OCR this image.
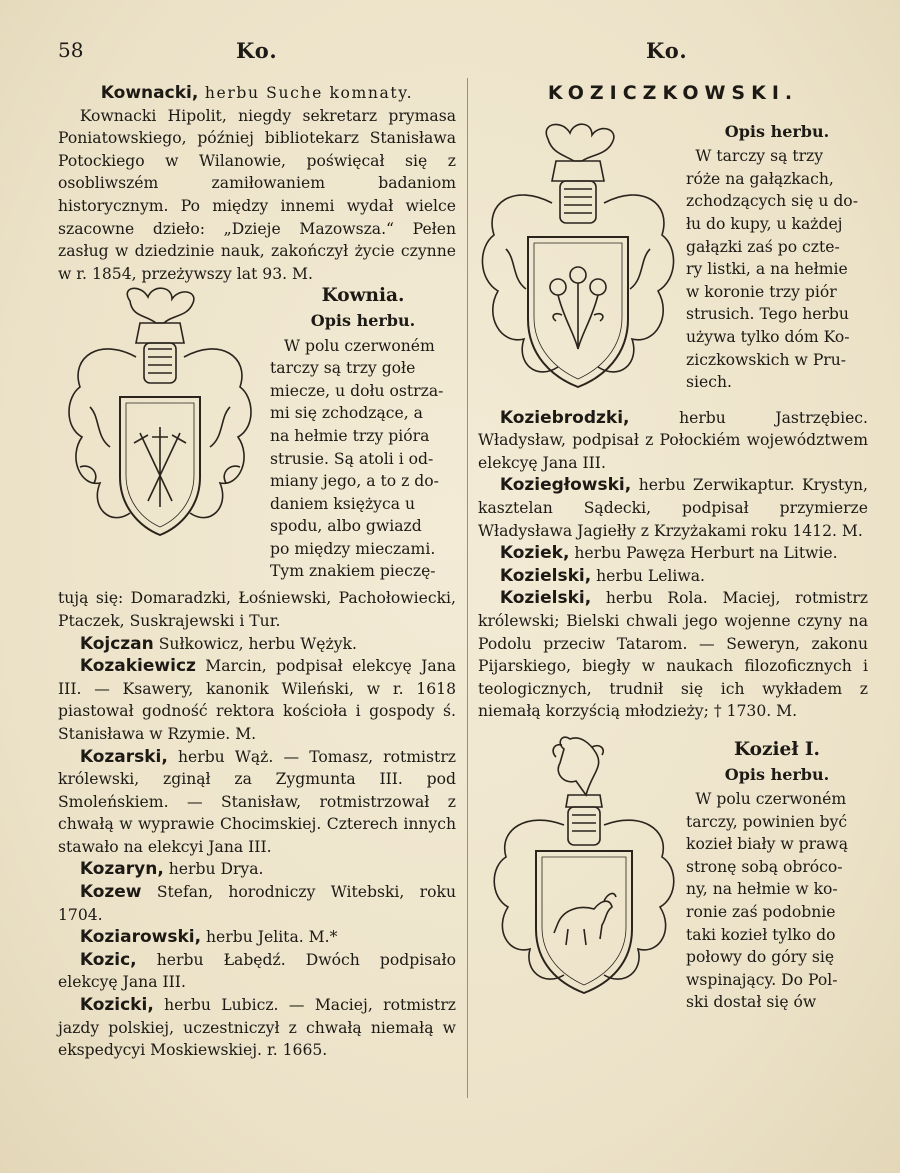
58	Ko.	Ko.

Kownacki, herbu Suche komnaty.

Kownacki Hipolit, niegdy sekretarz prymasa Poniatowskiego, później bibliotekarz Stanisława Potockiego w Wilanowie, poświęcał się z osobliwszém zamiłowaniem badaniom historycznym. Po między innemi wydał wielce szacowne dzieło: „Dzieje Mazowsza.“ Pełen zasług w dziedzinie nauk, zakończył życie czynne w r. 1854, przeżywszy lat 93. M.

Kownia.

Opis herbu.

W polu czerwoném
tarczy są trzy gołe
miecze, u dołu ostrza-
mi się zchodzące, a
na hełmie trzy pióra
strusie. Są atoli i od-
miany jego, a to z do-
daniem księżyca u
spodu, albo gwiazd
po między mieczami.
Tym znakiem pieczę-

tują się: Domaradzki, Łośniewski, Pachołowiecki, Ptaczek, Suskrajewski i Tur.

Kojczan Sułkowicz, herbu Wężyk.

Kozakiewicz Marcin, podpisał elekcyę Jana III. — Ksawery, kanonik Wileński, w r. 1618 piastował godność rektora kościoła i gospody ś. Stanisława w Rzymie. M.

Kozarski, herbu Wąż. — Tomasz, rotmistrz królewski, zginął za Zygmunta III. pod Smoleńskiem. — Stanisław, rotmistrzował z chwałą w wyprawie Chocimskiej. Czterech innych stawało na elekcyi Jana III.

Kozaryn, herbu Drya.

Kozew Stefan, horodniczy Witebski, roku 1704.

Koziarowski, herbu Jelita. M.*

Kozic, herbu Łabędź. Dwóch podpisało elekcyę Jana III.

Kozicki, herbu Lubicz. — Maciej, rotmistrz jazdy polskiej, uczestniczył z chwałą niemałą w ekspedycyi Moskiewskiej. r. 1665.

KOZICZKOWSKI.

Opis herbu.

W tarczy są trzy
róże na gałązkach,
zchodzących się u do-
łu do kupy, u każdej
gałązki zaś po czte-
ry listki, a na hełmie
w koronie trzy piór
strusich. Tego herbu
używa tylko dóm Ko-
ziczkowskich w Pru-
siech.

Koziebrodzki, herbu Jastrzębiec. Władysław, podpisał z Połockiém województwem elekcyę Jana III.

Koziegłowski, herbu Zerwikaptur. Krystyn, kasztelan Sądecki, podpisał przymierze Władysława Jagiełły z Krzyżakami roku 1412. M.

Koziek, herbu Pawęza Herburt na Litwie.

Kozielski, herbu Leliwa.

Kozielski, herbu Rola. Maciej, rotmistrz królewski; Bielski chwali jego wojenne czyny na Podolu przeciw Tatarom. — Seweryn, zakonu Pijarskiego, biegły w naukach filozoficznych i teologicznych, trudnił się ich wykładem z niemałą korzyścią młodzieży; † 1730. M.

Kozieł I.

Opis herbu.

W polu czerwoném
tarczy, powinien być
kozieł biały w prawą
stronę sobą obróco-
ny, na hełmie w ko-
ronie zaś podobnie
taki kozieł tylko do
połowy do góry się
wspinający. Do Pol-
ski dostał się ów
